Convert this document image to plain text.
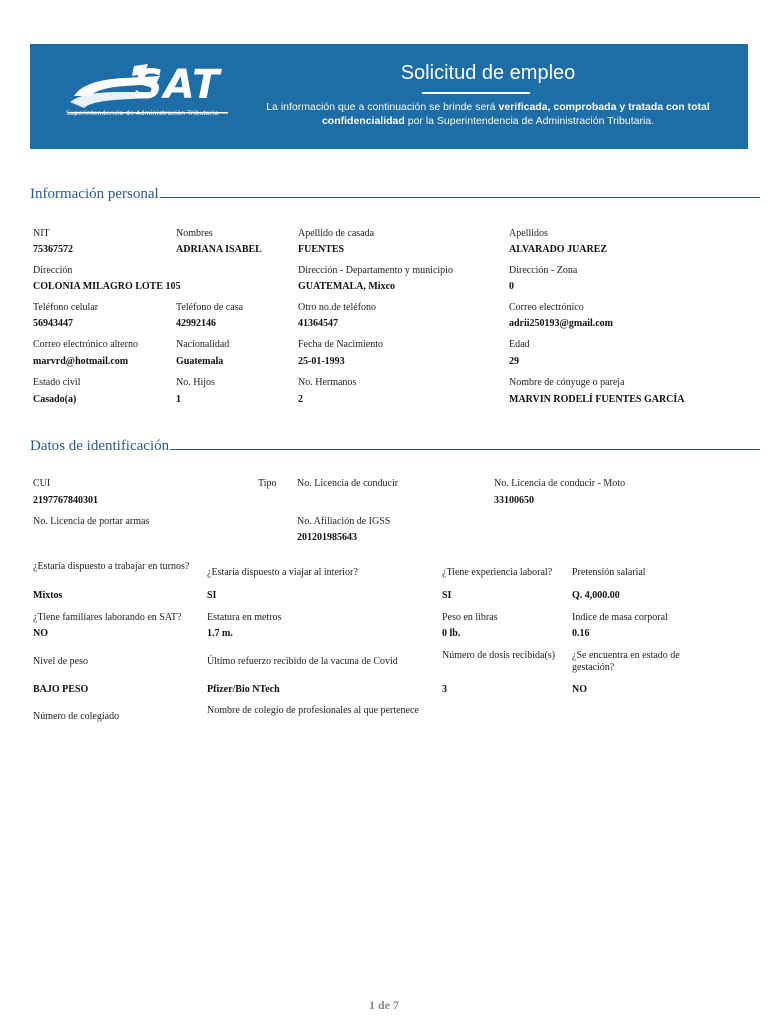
SAT
Superintendencia de Administración Tributaria
Solicitud de empleo
La información que a continuación se brinde será verificada, comprobada y tratada con total confidencialidad por la Superintendencia de Administración Tributaria.
Información personal
NIT
75367572
Nombres
ADRIANA ISABEL
Apellido de casada
FUENTES
Apellidos
ALVARADO JUAREZ
Dirección
COLONIA MILAGRO LOTE 105
Dirección - Departamento y municipio
GUATEMALA, Mixco
Dirección - Zona
0
Teléfono celular
56943447
Teléfono de casa
42992146
Otro no.de teléfono
41364547
Correo electrónico
adrii250193@gmail.com
Correo electrónico alterno
marvrd@hotmail.com
Nacionalidad
Guatemala
Fecha de Nacimiento
25-01-1993
Edad
29
Estado civil
Casado(a)
No. Hijos
1
No. Hermanos
2
Nombre de cónyuge o pareja
MARVIN RODELÍ FUENTES GARCÍA
Datos de identificación
CUI
2197767840301
Tipo No. Licencia de conducir	No. Licencia de conducir - Moto
33100650
No. Licencia de portar armas	No. Afiliación de IGSS
201201985643
¿Estaría dispuesto a trabajar en turnos?
Mixtos
¿Estaría dispuesto a viajar al interior?
SI
¿Tiene experiencia laboral?
SI
Pretensión salarial
Q. 4,000.00
¿Tiene familiares laborando en SAT?
NO
Estatura en metros
1.7 m.
Peso en libras
0 lb.
Indice de masa corporal
0.16
Nivel de peso
BAJO PESO
Último refuerzo recibido de la vacuna de Covid
Pfizer/Bio NTech
Número de dosis recibida(s)
3
¿Se encuentra en estado de gestación?
NO
Número de colegiado
Nombre de colegio de profesionales al que pertenece
1 de 7
